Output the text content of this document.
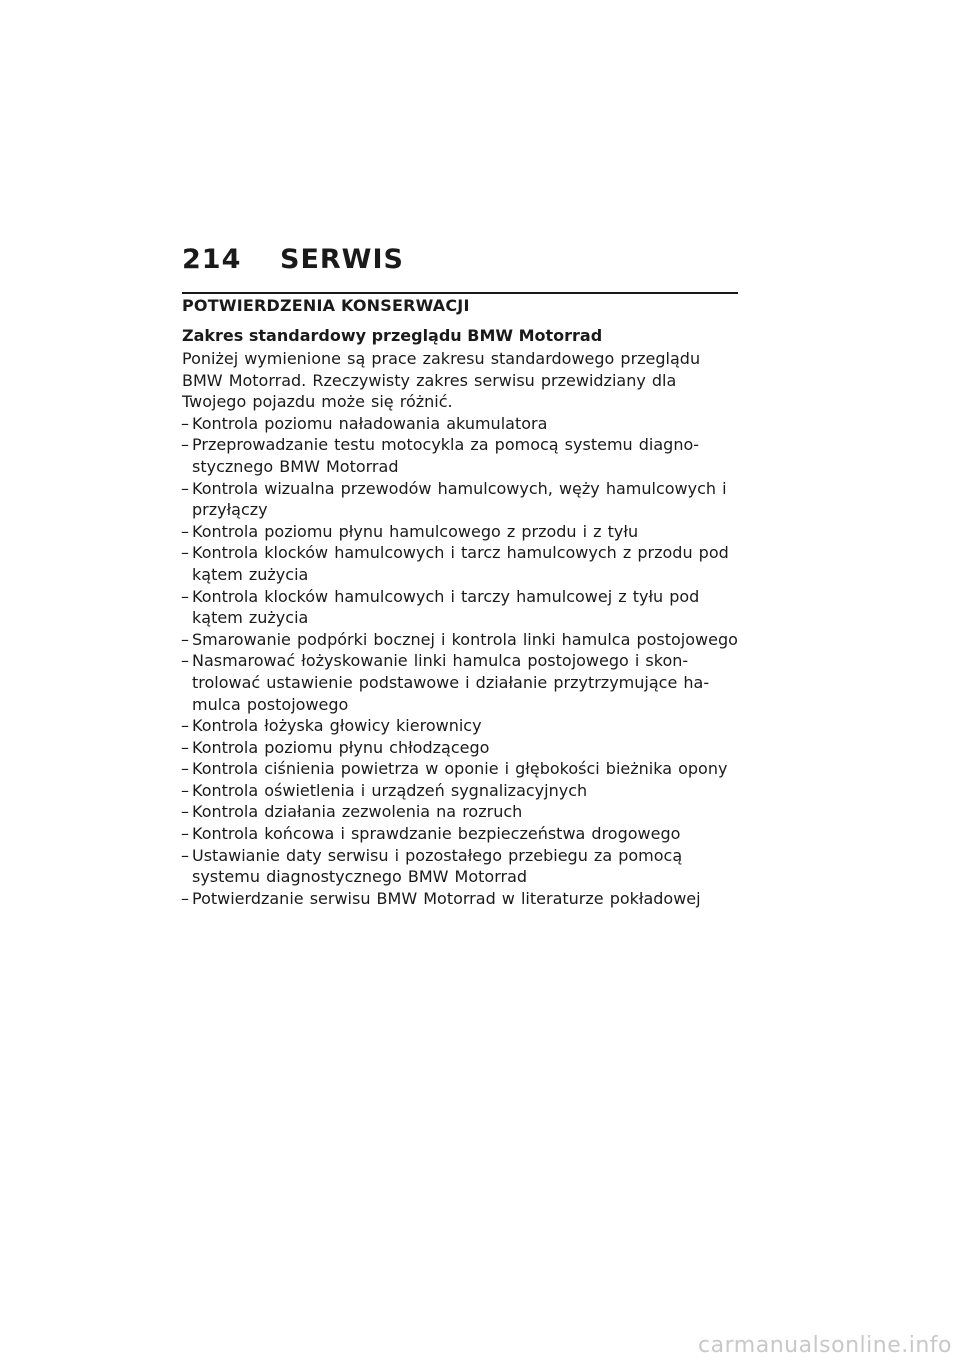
214	SERWIS
POTWIERDZENIA KONSERWACJI
Zakres standardowy przeglądu BMW Motorrad

Poniżej wymienione są prace zakresu standardowego przeglądu BMW Motorrad. Rzeczywisty zakres serwisu przewidziany dla Twojego pojazdu może się różnić.

– Kontrola poziomu naładowania akumulatora
– Przeprowadzanie testu motocykla za pomocą systemu diagnostycznego BMW Motorrad
– Kontrola wizualna przewodów hamulcowych, węży hamulcowych i przyłączy
– Kontrola poziomu płynu hamulcowego z przodu i z tyłu
– Kontrola klocków hamulcowych i tarcz hamulcowych z przodu pod kątem zużycia
– Kontrola klocków hamulcowych i tarczy hamulcowej z tyłu pod kątem zużycia
– Smarowanie podpórki bocznej i kontrola linki hamulca postojowego
– Nasmarować łożyskowanie linki hamulca postojowego i skontrolować ustawienie podstawowe i działanie przytrzymujące hamulca postojowego
– Kontrola łożyska głowicy kierownicy
– Kontrola poziomu płynu chłodzącego
– Kontrola ciśnienia powietrza w oponie i głębokości bieżnika opony
– Kontrola oświetlenia i urządzeń sygnalizacyjnych
– Kontrola działania zezwolenia na rozruch
– Kontrola końcowa i sprawdzanie bezpieczeństwa drogowego
– Ustawianie daty serwisu i pozostałego przebiegu za pomocą systemu diagnostycznego BMW Motorrad
– Potwierdzanie serwisu BMW Motorrad w literaturze pokładowej
carmanualsonline.info
